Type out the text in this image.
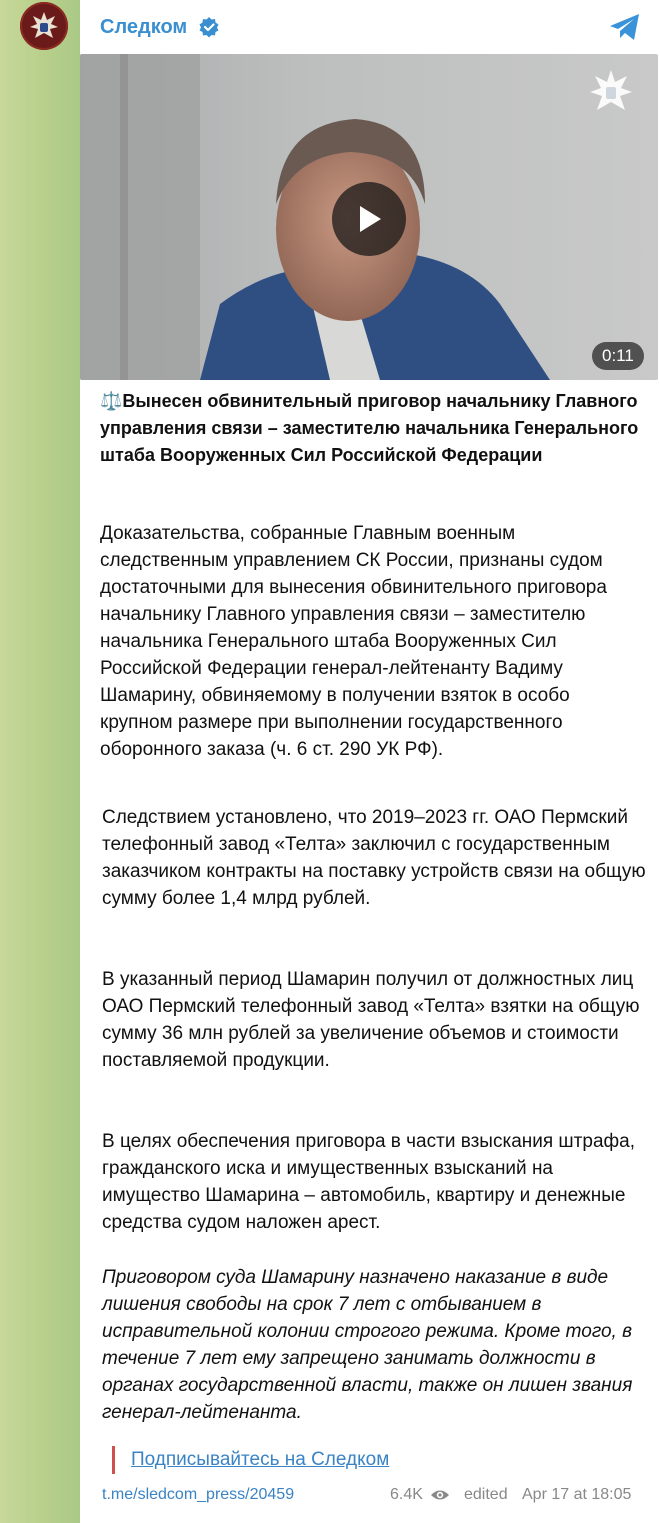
Следком
0:11
⚖️Вынесен обвинительный приговор начальнику Главного управления связи – заместителю начальника Генерального штаба Вооруженных Сил Российской Федерации
Доказательства, собранные Главным военным следственным управлением СК России, признаны судом достаточными для вынесения обвинительного приговора начальнику Главного управления связи – заместителю начальника Генерального штаба Вооруженных Сил Российской Федерации генерал-лейтенанту Вадиму Шамарину, обвиняемому в получении взяток в особо крупном размере при выполнении государственного оборонного заказа (ч. 6 ст. 290 УК РФ).
Следствием установлено, что 2019–2023 гг. ОАО Пермский телефонный завод «Телта» заключил с государственным заказчиком контракты на поставку устройств связи на общую сумму более 1,4 млрд рублей.
В указанный период Шамарин получил от должностных лиц ОАО Пермский телефонный завод «Телта» взятки на общую сумму 36 млн рублей за увеличение объемов и стоимости поставляемой продукции.
В целях обеспечения приговора в части взыскания штрафа, гражданского иска и имущественных взысканий на имущество Шамарина – автомобиль, квартиру и денежные средства судом наложен арест.
Приговором суда Шамарину назначено наказание в виде лишения свободы на срок 7 лет с отбыванием в исправительной колонии строгого режима. Кроме того, в течение 7 лет ему запрещено занимать должности в органах государственной власти, также он лишен звания генерал-лейтенанта.
Подписывайтесь на Следком
t.me/sledcom_press/20459	6.4K	edited Apr 17 at 18:05
